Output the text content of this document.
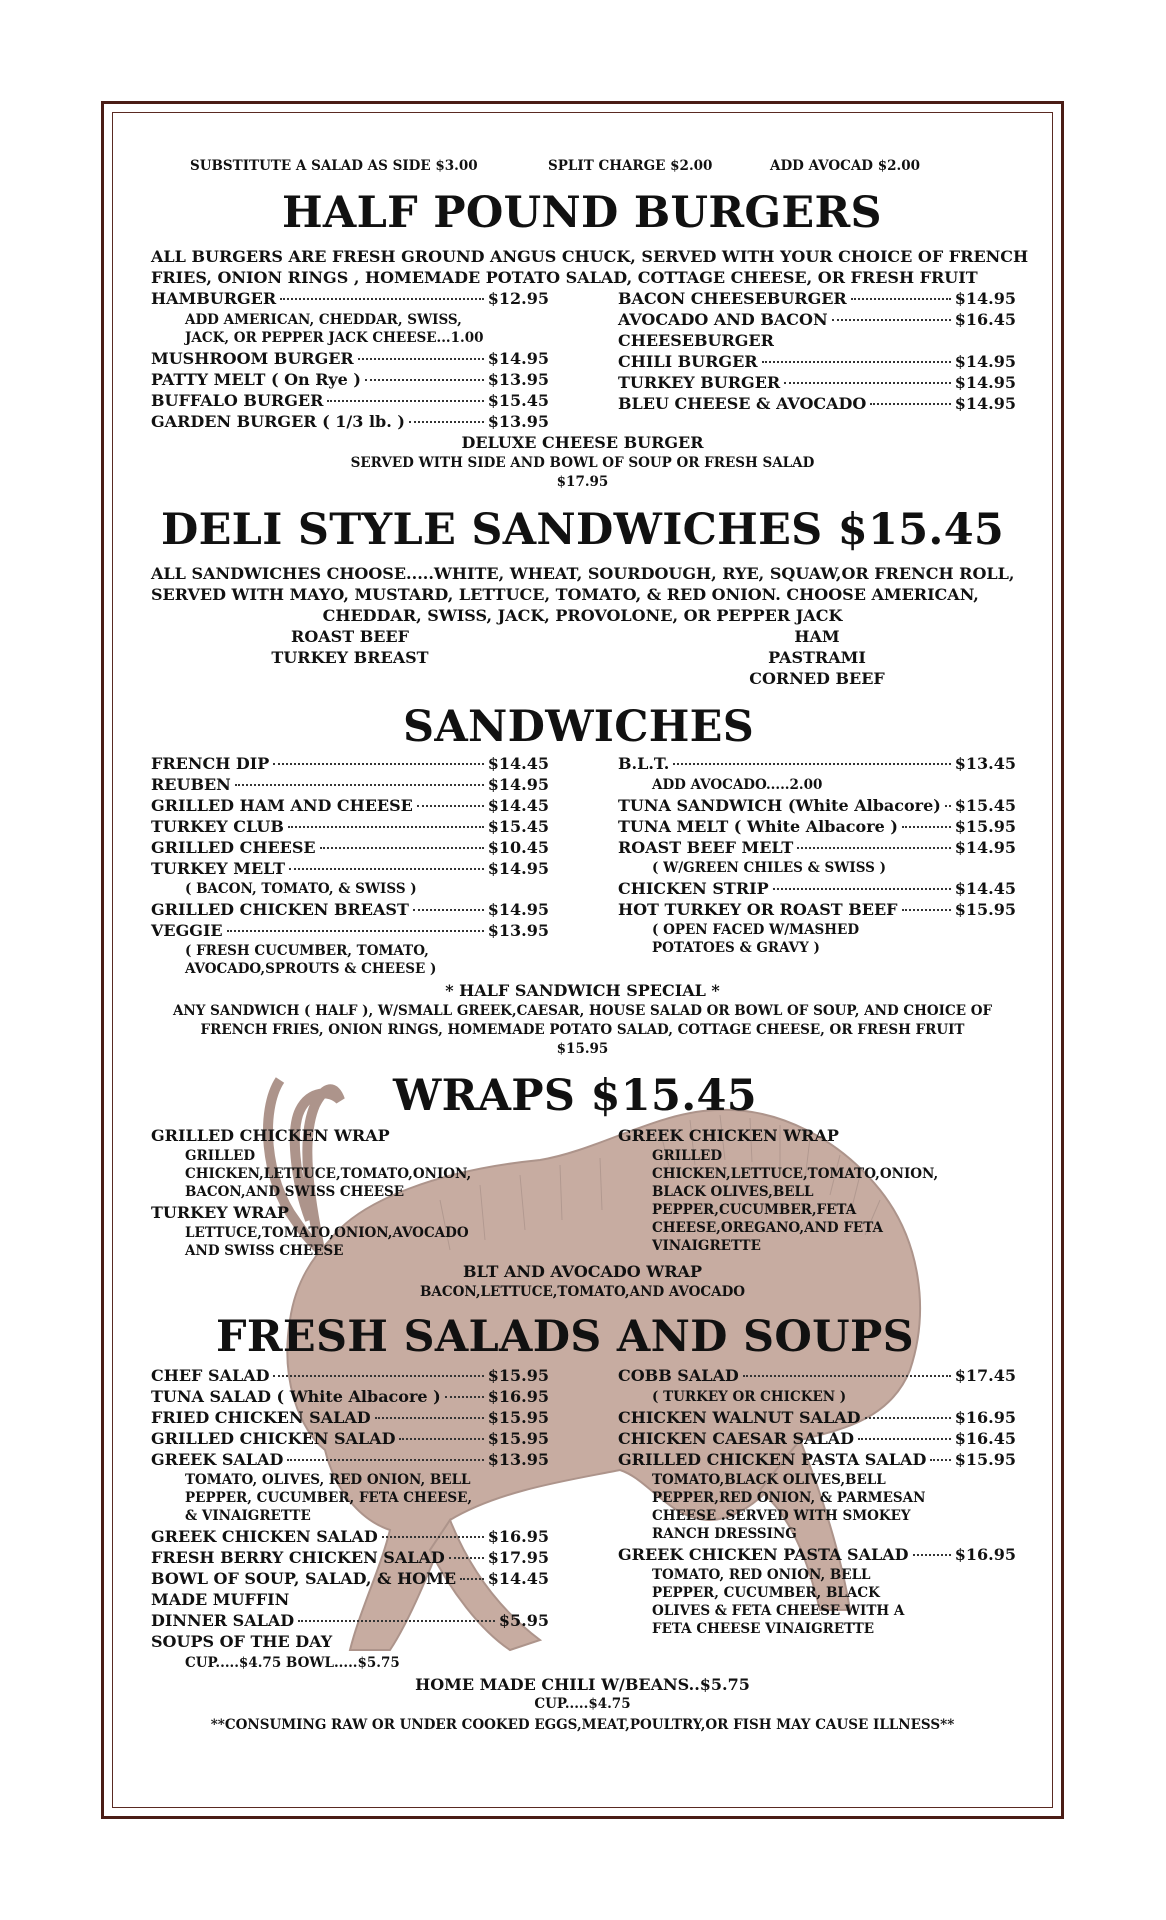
SUBSTITUTE A SALAD AS SIDE $3.00	SPLIT CHARGE $2.00	ADD AVOCAD $2.00
HALF POUND BURGERS
ALL BURGERS ARE FRESH GROUND ANGUS CHUCK, SERVED WITH YOUR CHOICE OF FRENCH
FRIES, ONION RINGS , HOMEMADE POTATO SALAD, COTTAGE CHEESE, OR FRESH FRUIT
HAMBURGER	$12.95
ADD AMERICAN, CHEDDAR, SWISS,
JACK, OR PEPPER JACK CHEESE...1.00
MUSHROOM BURGER	$14.95
PATTY MELT ( On Rye )	$13.95
BUFFALO BURGER	$15.45
GARDEN BURGER ( 1/3 lb. )	$13.95
BACON CHEESEBURGER	$14.95
AVOCADO AND BACON	$16.45
CHEESEBURGER
CHILI BURGER	$14.95
TURKEY BURGER	$14.95
BLEU CHEESE & AVOCADO	$14.95
DELUXE CHEESE BURGER
SERVED WITH SIDE AND BOWL OF SOUP OR FRESH SALAD
$17.95
DELI STYLE SANDWICHES $15.45
ALL SANDWICHES CHOOSE.....WHITE, WHEAT, SOURDOUGH, RYE, SQUAW,OR FRENCH ROLL,
SERVED WITH MAYO, MUSTARD, LETTUCE, TOMATO, & RED ONION. CHOOSE AMERICAN,
CHEDDAR, SWISS, JACK, PROVOLONE, OR PEPPER JACK
ROAST BEEF
TURKEY BREAST
HAM
PASTRAMI
CORNED BEEF
SANDWICHES
FRENCH DIP	$14.45
REUBEN	$14.95
GRILLED HAM AND CHEESE	$14.45
TURKEY CLUB	$15.45
GRILLED CHEESE	$10.45
TURKEY MELT	$14.95
( BACON, TOMATO, & SWISS )
GRILLED CHICKEN BREAST	$14.95
VEGGIE	$13.95
( FRESH CUCUMBER, TOMATO,
AVOCADO,SPROUTS & CHEESE )
B.L.T.	$13.45
ADD AVOCADO.....2.00
TUNA SANDWICH (White Albacore) $15.45
TUNA MELT ( White Albacore )	$15.95
ROAST BEEF MELT	$14.95
( W/GREEN CHILES & SWISS )
CHICKEN STRIP	$14.45
HOT TURKEY OR ROAST BEEF	$15.95
( OPEN FACED W/MASHED
POTATOES & GRAVY )
* HALF SANDWICH SPECIAL *
ANY SANDWICH ( HALF ), W/SMALL GREEK,CAESAR, HOUSE SALAD OR BOWL OF SOUP, AND CHOICE OF
FRENCH FRIES, ONION RINGS, HOMEMADE POTATO SALAD, COTTAGE CHEESE, OR FRESH FRUIT
$15.95
WRAPS $15.45
GRILLED CHICKEN WRAP
GRILLED
CHICKEN,LETTUCE,TOMATO,ONION,
BACON,AND SWISS CHEESE
TURKEY WRAP
LETTUCE,TOMATO,ONION,AVOCADO
AND SWISS CHEESE
GREEK CHICKEN WRAP
GRILLED
CHICKEN,LETTUCE,TOMATO,ONION,
BLACK OLIVES,BELL
PEPPER,CUCUMBER,FETA
CHEESE,OREGANO,AND FETA
VINAIGRETTE
BLT AND AVOCADO WRAP
BACON,LETTUCE,TOMATO,AND AVOCADO
FRESH SALADS AND SOUPS
CHEF SALAD	$15.95
TUNA SALAD ( White Albacore )	$16.95
FRIED CHICKEN SALAD	$15.95
GRILLED CHICKEN SALAD	$15.95
GREEK SALAD	$13.95
TOMATO, OLIVES, RED ONION, BELL
PEPPER, CUCUMBER, FETA CHEESE,
& VINAIGRETTE
GREEK CHICKEN SALAD	$16.95
FRESH BERRY CHICKEN SALAD	$17.95
BOWL OF SOUP, SALAD, & HOME $14.45
MADE MUFFIN
DINNER SALAD	$5.95
SOUPS OF THE DAY
CUP.....$4.75 BOWL.....$5.75
COBB SALAD	$17.45
( TURKEY OR CHICKEN )
CHICKEN WALNUT SALAD	$16.95
CHICKEN CAESAR SALAD	$16.45
GRILLED CHICKEN PASTA SALAD $15.95
TOMATO,BLACK OLIVES,BELL
PEPPER,RED ONION, & PARMESAN
CHEESE .SERVED WITH SMOKEY
RANCH DRESSING
GREEK CHICKEN PASTA SALAD	$16.95
TOMATO, RED ONION, BELL
PEPPER, CUCUMBER, BLACK
OLIVES & FETA CHEESE WITH A
FETA CHEESE VINAIGRETTE
HOME MADE CHILI W/BEANS..$5.75
CUP.....$4.75
**CONSUMING RAW OR UNDER COOKED EGGS,MEAT,POULTRY,OR FISH MAY CAUSE ILLNESS**
